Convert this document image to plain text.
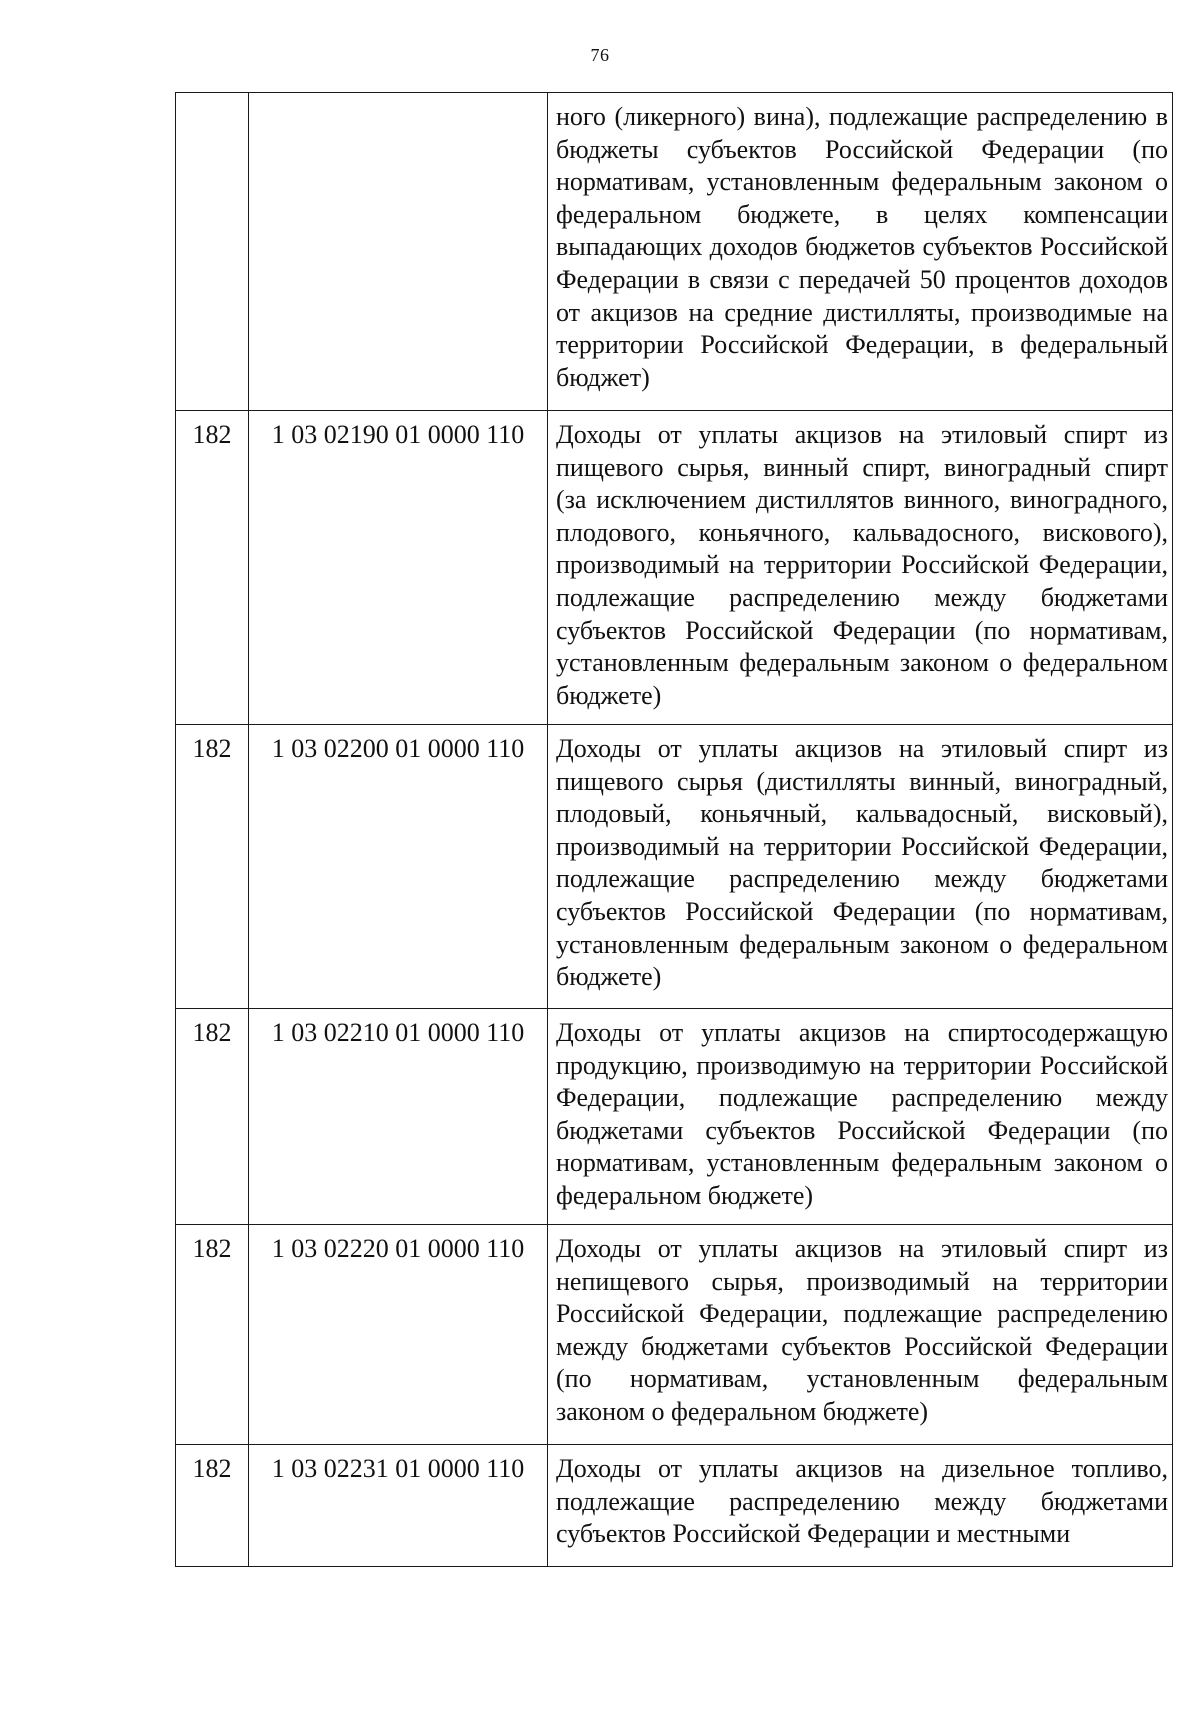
76
		ного (ликерного) вина), подлежащие распределению в бюджеты субъектов Российской Федерации (по нормативам, установленным федеральным законом о федеральном бюджете, в целях компенсации выпадающих доходов бюджетов субъектов Российской Федерации в связи с передачей 50 процентов доходов от акцизов на средние дистилляты, производимые на территории Российской Федерации, в федеральный бюджет)
182	1 03 02190 01 0000 110	Доходы от уплаты акцизов на этиловый спирт из пищевого сырья, винный спирт, виноградный спирт (за исключением дистиллятов винного, виноградного, плодового, коньячного, кальвадосного, вискового), производимый на территории Российской Федерации, подлежащие распределению между бюджетами субъектов Российской Федерации (по нормативам, установленным федеральным законом о федеральном бюджете)
182	1 03 02200 01 0000 110	Доходы от уплаты акцизов на этиловый спирт из пищевого сырья (дистилляты винный, виноградный, плодовый, коньячный, кальвадосный, висковый), производимый на территории Российской Федерации, подлежащие распределению между бюджетами субъектов Российской Федерации (по нормативам, установленным федеральным законом о федеральном бюджете)
182	1 03 02210 01 0000 110	Доходы от уплаты акцизов на спиртосодержащую продукцию, производимую на территории Российской Федерации, подлежащие распределению между бюджетами субъектов Российской Федерации (по нормативам, установленным федеральным законом о федеральном бюджете)
182	1 03 02220 01 0000 110	Доходы от уплаты акцизов на этиловый спирт из непищевого сырья, производимый на территории Российской Федерации, подлежащие распределению между бюджетами субъектов Российской Федерации (по нормативам, установленным федеральным законом о федеральном бюджете)
182	1 03 02231 01 0000 110	Доходы от уплаты акцизов на дизельное топливо, подлежащие распределению между бюджетами субъектов Российской Федерации и местными
